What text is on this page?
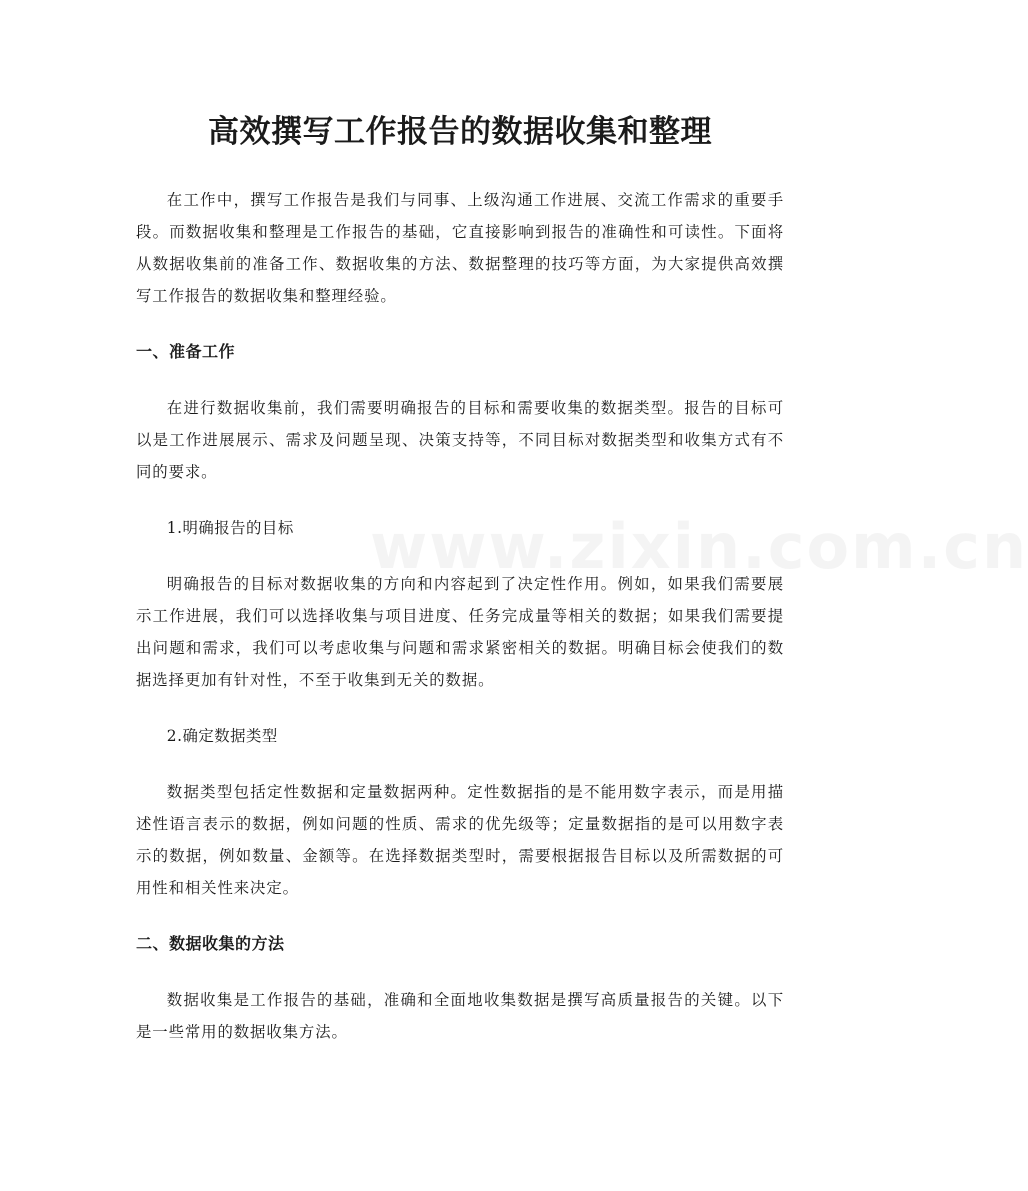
www.zixin.com.cn
高效撰写工作报告的数据收集和整理

在工作中，撰写工作报告是我们与同事、上级沟通工作进展、交流工作需求的重要手段。而数据收集和整理是工作报告的基础，它直接影响到报告的准确性和可读性。下面将从数据收集前的准备工作、数据收集的方法、数据整理的技巧等方面，为大家提供高效撰写工作报告的数据收集和整理经验。

一、准备工作

在进行数据收集前，我们需要明确报告的目标和需要收集的数据类型。报告的目标可以是工作进展展示、需求及问题呈现、决策支持等，不同目标对数据类型和收集方式有不同的要求。

1.明确报告的目标

明确报告的目标对数据收集的方向和内容起到了决定性作用。例如，如果我们需要展示工作进展，我们可以选择收集与项目进度、任务完成量等相关的数据；如果我们需要提出问题和需求，我们可以考虑收集与问题和需求紧密相关的数据。明确目标会使我们的数据选择更加有针对性，不至于收集到无关的数据。

2.确定数据类型

数据类型包括定性数据和定量数据两种。定性数据指的是不能用数字表示，而是用描述性语言表示的数据，例如问题的性质、需求的优先级等；定量数据指的是可以用数字表示的数据，例如数量、金额等。在选择数据类型时，需要根据报告目标以及所需数据的可用性和相关性来决定。

二、数据收集的方法

数据收集是工作报告的基础，准确和全面地收集数据是撰写高质量报告的关键。以下是一些常用的数据收集方法。
